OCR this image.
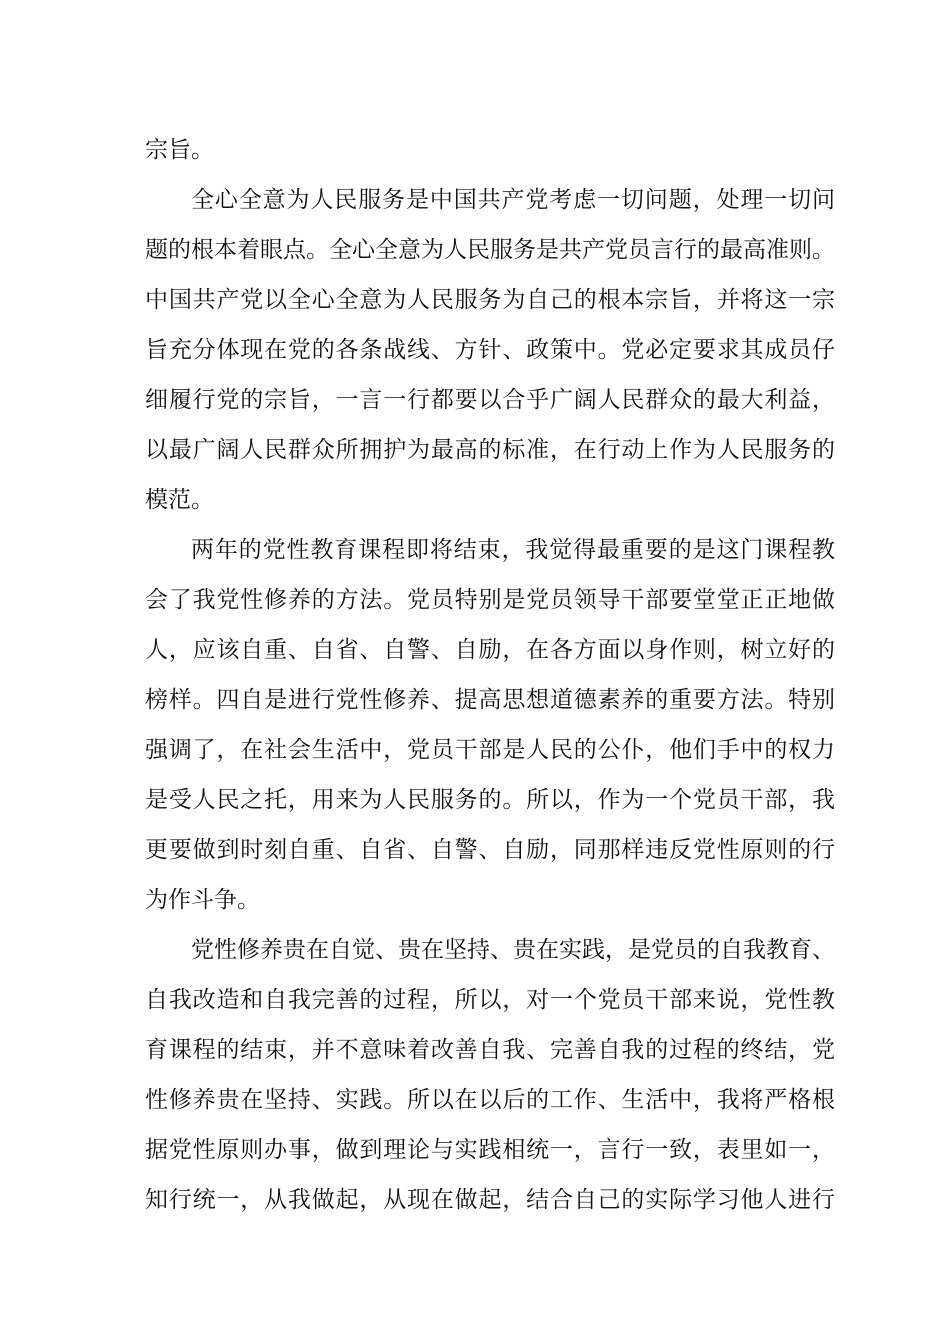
宗旨。
全心全意为人民服务是中国共产党考虑一切问题，处理一切问
题的根本着眼点。全心全意为人民服务是共产党员言行的最高准则。
中国共产党以全心全意为人民服务为自己的根本宗旨，并将这一宗
旨充分体现在党的各条战线、方针、政策中。党必定要求其成员仔
细履行党的宗旨，一言一行都要以合乎广阔人民群众的最大利益，
以最广阔人民群众所拥护为最高的标准，在行动上作为人民服务的
模范。
两年的党性教育课程即将结束，我觉得最重要的是这门课程教
会了我党性修养的方法。党员特别是党员领导干部要堂堂正正地做
人，应该自重、自省、自警、自励，在各方面以身作则，树立好的
榜样。四自是进行党性修养、提高思想道德素养的重要方法。特别
强调了，在社会生活中，党员干部是人民的公仆，他们手中的权力
是受人民之托，用来为人民服务的。所以，作为一个党员干部，我
更要做到时刻自重、自省、自警、自励，同那样违反党性原则的行
为作斗争。
党性修养贵在自觉、贵在坚持、贵在实践，是党员的自我教育、
自我改造和自我完善的过程，所以，对一个党员干部来说，党性教
育课程的结束，并不意味着改善自我、完善自我的过程的终结，党
性修养贵在坚持、实践。所以在以后的工作、生活中，我将严格根
据党性原则办事，做到理论与实践相统一，言行一致，表里如一，
知行统一，从我做起，从现在做起，结合自己的实际学习他人进行
